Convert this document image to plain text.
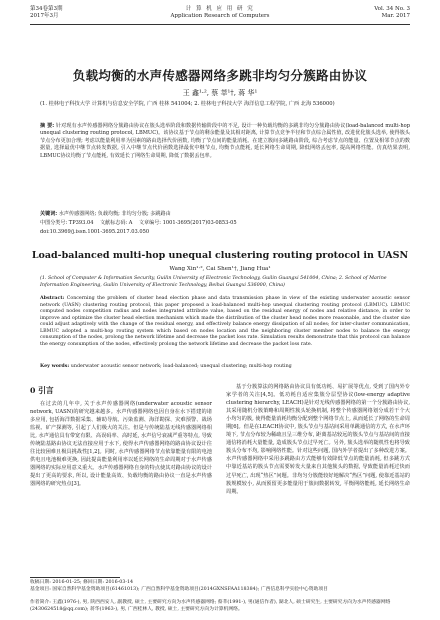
第34卷第3期
2017年3月
计 算 机 应 用 研 究
Application Research of Computers
Vol. 34 No. 3
Mar. 2017
负载均衡的水声传感器网络多跳非均匀分簇路由协议
王 鑫¹·², 蔡 莘¹†, 蒋 华¹
(1. 桂林电子科技大学 计算机与信息安全学院, 广西 桂林 541004; 2. 桂林电子科技大学 海洋信息工程学院, 广西 北海 536000)
摘 要: 针对现有水声传感器网络分簇路由协议在簇头选举阶段和数据传输阶段中的不足, 设计一种负载均衡的多跳非均匀分簇路由协议(load-balanced multi-hop unequal clustering routing protocol, LBMUC)。该协议基于节点的剩余能量及其相对距离, 计算节点竞争半径和节点综合属性值, 改进优化簇头选举, 使得簇头节点分布更加合理; 考虑以能量利用率为因素的路由选择代价函数, 均衡了节点间的能量消耗。在建立簇间多跳路由阶段, 综合考虑节点的能量、位置及相邻节点的数据量, 选择最优中继节点转发数据, 引入中继节点代价函数选择最优中继节点, 均衡节点能耗, 延长网络生命周期, 降低网络丢包率, 提高网络性能。仿真结果表明, LBMUC协议均衡了节点能耗, 有效延长了网络生命周期, 降低了数据丢包率。
关键词: 水声传感器网络; 负载均衡; 非均匀分簇; 多跳路由
中图分类号: TP393.04 文献标志码: A 文章编号: 1001-3695(2017)03-0853-05
doi:10.3969/j.issn.1001-3695.2017.03.050
Load-balanced multi-hop unequal clustering routing protocol in UASN
Wang Xin¹·², Cai Shen¹†, Jiang Hua¹
(1. School of Computer & Information Security, Guilin University of Electronic Technology, Guilin Guangxi 541004, China; 2. School of Marine Information Engineering, Guilin University of Electronic Technology, Beihai Guangxi 536000, China)
Abstract: Concerning the problem of cluster head election phase and data transmission phase in view of the existing underwater acoustic sensor network (UASN) clustering routing protocol, this paper proposed a load-balanced multi-hop unequal clustering routing protocol (LBMUC). LBMUC computed nodes competition radius and nodes integrated attribute value, based on the residual energy of nodes and relative distance, in order to improve and optimize the cluster head election mechanism which made the distribution of the cluster head nodes more reasonable, and the cluster size could adjust adaptively with the change of the residual energy, and effectively balance energy dissipation of all nodes; for inter-cluster communication, LBMUC adopted a multi-hop routing system which based on nodes location and the neighboring cluster member nodes to balance the energy consumption of the nodes, prolong the network lifetime and decrease the packet loss rate. Simulation results demonstrate that this protocol can balance the energy consumption of the nodes, effectively prolong the network lifetime and decrease the packet loss rate.
Key words: underwater acoustic sensor network; load-balanced; unequal clustering; multi-hop routing
0 引言
在过去的几年中, 关于水声传感器网络(underwater acoustic sensor network, UASN)的研究越来越多。水声传感器网络也因自身在水下搭建的诸多应用, 包括海洋数据采集、辅助导航、污染监测、海洋勘探、灾难预警、战场监视、矿产探测等, 引起了人们极大的关注。但是与传统陆基无线传感器网络相比, 水声通信具有带宽有限、高误码率、高时延, 水声信号衰减严重等特点, 导致传统陆基路由协议无法直接应用于水下, 使得水声传感器网络的路由协议设计往往比较困难且极具挑战性[1,2]。同时, 水声传感器网络节点依靠能量有限的电池供电且电池极难更换, 因此提高能量利用率以延长网络的生命周期对于水声传感器网络的实际应用意义重大。水声传感器网络自身的特点使其对路由协议的设计提出了更高的要求, 所以, 设计能量高效、负载均衡的路由协议一直是水声传感器网络的研究热点[3]。
基于分簇算法的网络路由协议具有低功耗、易扩展等优点, 受到了国内外专家学者的关注[4,5]。低功耗自适应集簇分层型协议(low-energy adaptive clustering hierarchy, LEACH)是针对无线传感器网络的第一个分簇路由协议, 其采用随机分簇策略和周期性簇头轮换机制, 将整个传感器网络划分成若干个大小均匀的簇, 使得能量消耗均衡分配到整个网络节点上, 从而延长了网络的生命周期[6]。但是在LEACH协议中, 簇头节点与基站间采用单跳通信的方式, 在水声环境下, 节点分布较为稀疏且呈三维分布, 距离基站较远的簇头节点与基站间的直接通信将消耗大量能量, 造成簇头节点过早死亡。另外, 簇头选举的随机性也将导致簇头分布不均, 影响网络性能。针对这些问题, 国内外学者提出了多种改进方案。水声传感器网络中采用多跳路由方式能够有效降低节点的能量消耗, 但多跳方式中靠近基站的簇头节点需要转发大量来自其他簇头的数据, 导致能量消耗过快而过早死亡, 出现“热区”问题。非均匀分簇能较好地解决“热区”问题, 使靠近基站的簇规模较小, 从而预留更多能量用于簇间数据转发, 平衡网络能耗, 延长网络生命周期。
收稿日期: 2016-01-25; 修回日期: 2016-03-14
基金项目: 国家自然科学基金资助项目(61461013); 广西自然科学基金资助项目(2014GXNSFAA118384); 广西信息科学实验中心资助项目
作者简介: 王鑫(1976-), 男, 陕西西安人, 副教授, 硕士, 主要研究方向为水声传感器网络; 蔡莘(1991-), 男(通信作者), 湖北人, 硕士研究生, 主要研究方向为水声传感器网络(2430624518@qq.com); 蒋华(1963-), 男, 广西桂林人, 教授, 硕士, 主要研究方向为计算机网络。
